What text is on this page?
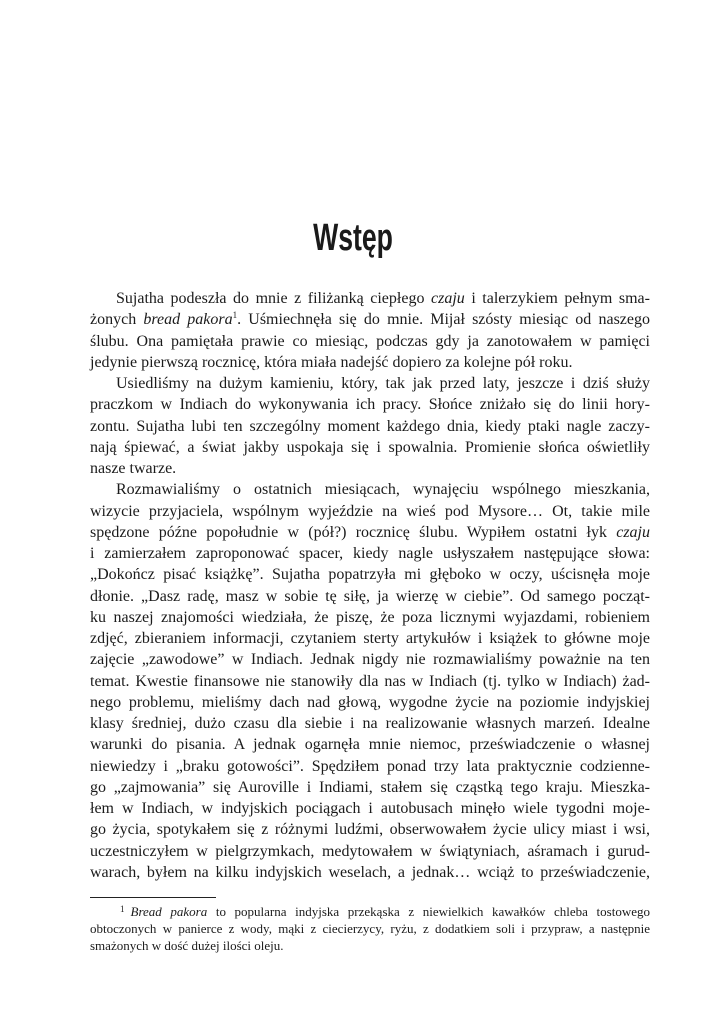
Wstęp
Sujatha podeszła do mnie z filiżanką ciepłego czaju i talerzykiem pełnym sma-
żonych bread pakora$^1$. Uśmiechnęła się do mnie. Mijał szósty miesiąc od naszego
ślubu. Ona pamiętała prawie co miesiąc, podczas gdy ja zanotowałem w pamięci
jedynie pierwszą rocznicę, która miała nadejść dopiero za kolejne pół roku.
Usiedliśmy na dużym kamieniu, który, tak jak przed laty, jeszcze i dziś służy
praczkom w Indiach do wykonywania ich pracy. Słońce zniżało się do linii hory-
zontu. Sujatha lubi ten szczególny moment każdego dnia, kiedy ptaki nagle zaczy-
nają śpiewać, a świat jakby uspokaja się i spowalnia. Promienie słońca oświetliły
nasze twarze.
Rozmawialiśmy o ostatnich miesiącach, wynajęciu wspólnego mieszkania,
wizycie przyjaciela, wspólnym wyjeździe na wieś pod Mysore… Ot, takie mile
spędzone późne popołudnie w (pół?) rocznicę ślubu. Wypiłem ostatni łyk czaju
i zamierzałem zaproponować spacer, kiedy nagle usłyszałem następujące słowa:
„Dokończ pisać książkę”. Sujatha popatrzyła mi głęboko w oczy, uścisnęła moje
dłonie. „Dasz radę, masz w sobie tę siłę, ja wierzę w ciebie”. Od samego począt-
ku naszej znajomości wiedziała, że piszę, że poza licznymi wyjazdami, robieniem
zdjęć, zbieraniem informacji, czytaniem sterty artykułów i książek to główne moje
zajęcie „zawodowe” w Indiach. Jednak nigdy nie rozmawialiśmy poważnie na ten
temat. Kwestie finansowe nie stanowiły dla nas w Indiach (tj. tylko w Indiach) żad-
nego problemu, mieliśmy dach nad głową, wygodne życie na poziomie indyjskiej
klasy średniej, dużo czasu dla siebie i na realizowanie własnych marzeń. Idealne
warunki do pisania. A jednak ogarnęła mnie niemoc, przeświadczenie o własnej
niewiedzy i „braku gotowości”. Spędziłem ponad trzy lata praktycznie codzienne-
go „zajmowania” się Auroville i Indiami, stałem się cząstką tego kraju. Mieszka-
łem w Indiach, w indyjskich pociągach i autobusach minęło wiele tygodni moje-
go życia, spotykałem się z różnymi ludźmi, obserwowałem życie ulicy miast i wsi,
uczestniczyłem w pielgrzymkach, medytowałem w świątyniach, aśramach i gurud-
warach, byłem na kilku indyjskich weselach, a jednak… wciąż to przeświadczenie,
$^1$ Bread pakora to popularna indyjska przekąska z niewielkich kawałków chleba tostowego
obtoczonych w panierce z wody, mąki z ciecierzycy, ryżu, z dodatkiem soli i przypraw, a następnie
smażonych w dość dużej ilości oleju.
